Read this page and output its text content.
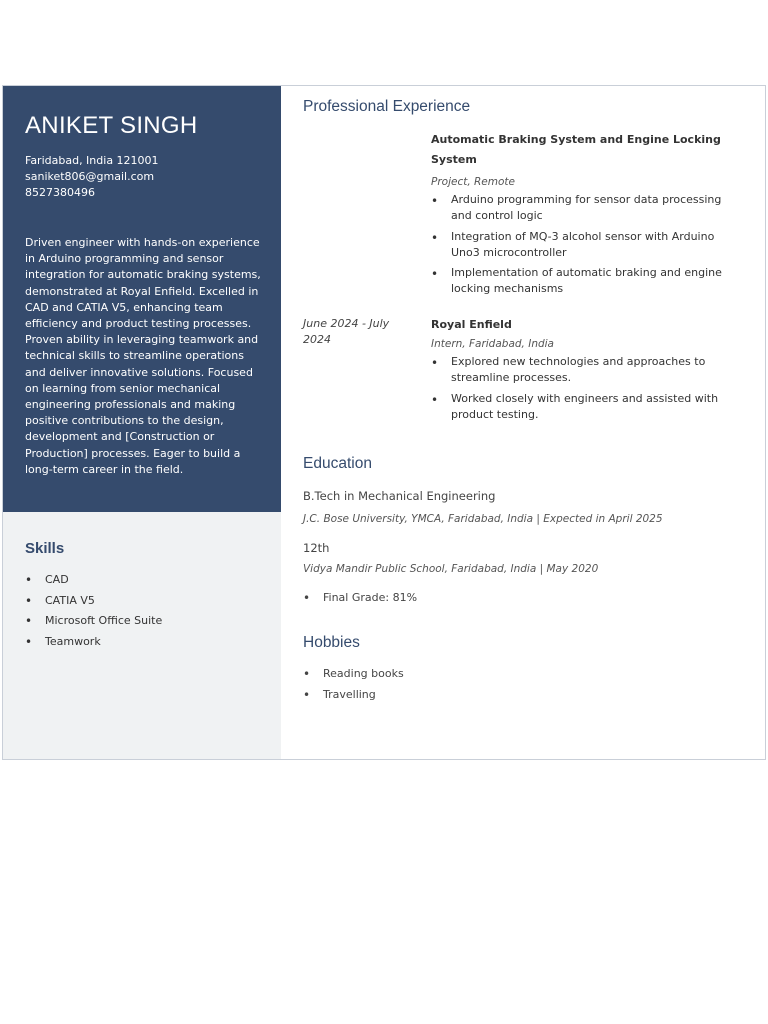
ANIKET SINGH
Faridabad, India 121001
saniket806@gmail.com
8527380496
Driven engineer with hands-on experience in Arduino programming and sensor integration for automatic braking systems, demonstrated at Royal Enfield. Excelled in CAD and CATIA V5, enhancing team efficiency and product testing processes. Proven ability in leveraging teamwork and technical skills to streamline operations and deliver innovative solutions. Focused on learning from senior mechanical engineering professionals and making positive contributions to the design, development and [Construction or Production] processes. Eager to build a long-term career in the field.
Skills
• CAD
• CATIA V5
• Microsoft Office Suite
• Teamwork
Professional Experience
Automatic Braking System and Engine Locking System
Project, Remote
• Arduino programming for sensor data processing and control logic
• Integration of MQ-3 alcohol sensor with Arduino Uno3 microcontroller
• Implementation of automatic braking and engine locking mechanisms
June 2024 - July 2024
Royal Enfield
Intern, Faridabad, India
• Explored new technologies and approaches to streamline processes.
• Worked closely with engineers and assisted with product testing.
Education
B.Tech in Mechanical Engineering
J.C. Bose University, YMCA, Faridabad, India | Expected in April 2025
12th
Vidya Mandir Public School, Faridabad, India | May 2020
• Final Grade: 81%
Hobbies
• Reading books
• Travelling
